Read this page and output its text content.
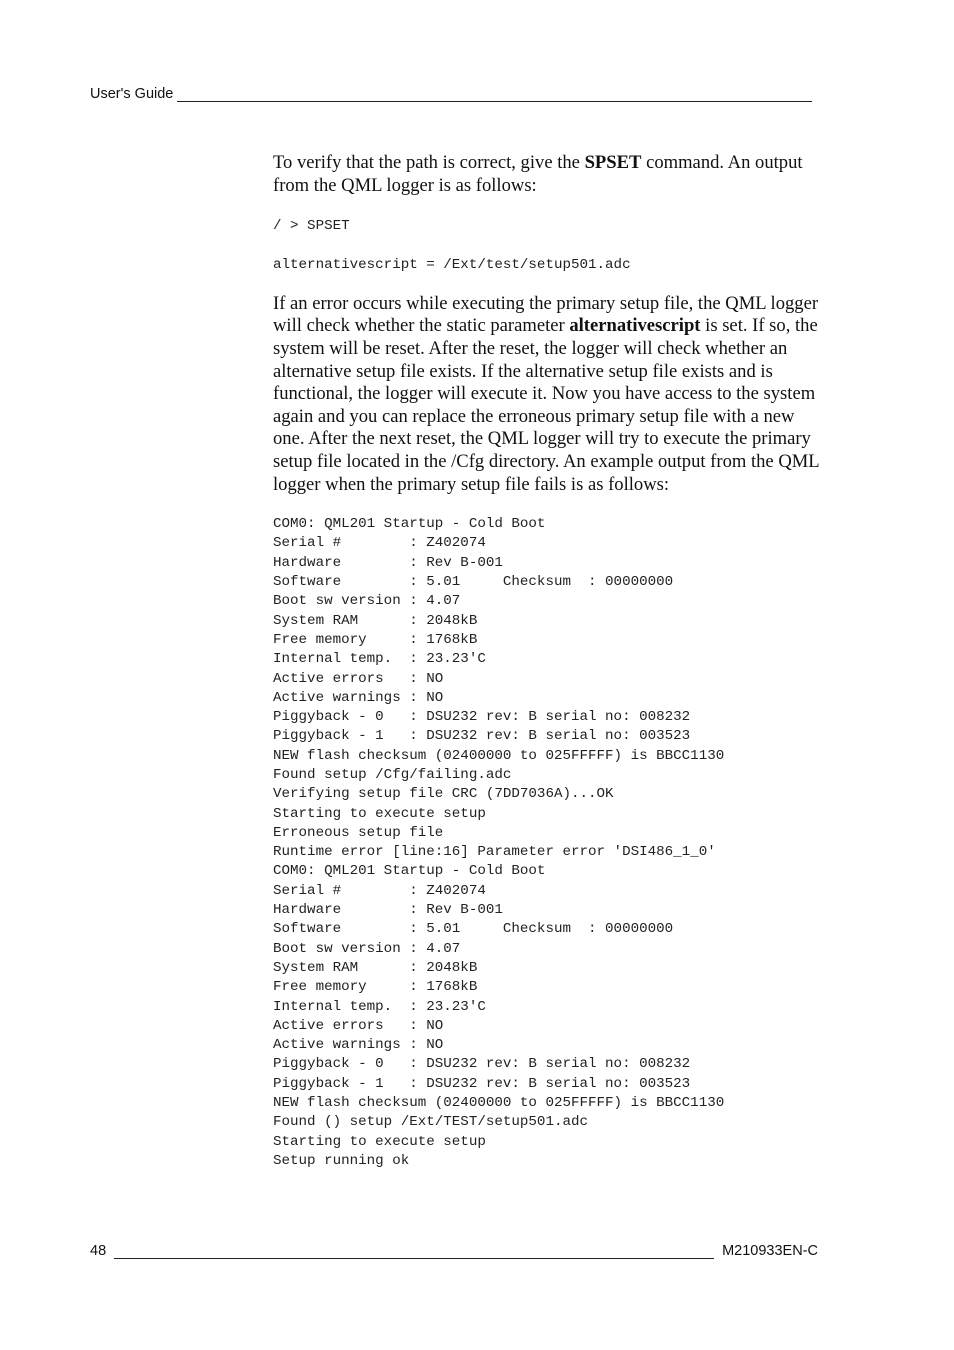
User's Guide

To verify that the path is correct, give the SPSET command. An output from the QML logger is as follows:

/ > SPSET
alternativescript = /Ext/test/setup501.adc

If an error occurs while executing the primary setup file, the QML logger will check whether the static parameter alternativescript is set. If so, the system will be reset. After the reset, the logger will check whether an alternative setup file exists. If the alternative setup file exists and is functional, the logger will execute it. Now you have access to the system again and you can replace the erroneous primary setup file with a new one. After the next reset, the QML logger will try to execute the primary setup file located in the /Cfg directory. An example output from the QML logger when the primary setup file fails is as follows:

COM0: QML201 Startup - Cold Boot
Serial #        : Z402074
Hardware        : Rev B-001
Software        : 5.01     Checksum  : 00000000
Boot sw version : 4.07
System RAM      : 2048kB
Free memory     : 1768kB
Internal temp.  : 23.23'C
Active errors   : NO
Active warnings : NO
Piggyback - 0   : DSU232 rev: B serial no: 008232
Piggyback - 1   : DSU232 rev: B serial no: 003523
NEW flash checksum (02400000 to 025FFFFF) is BBCC1130
Found setup /Cfg/failing.adc
Verifying setup file CRC (7DD7036A)...OK
Starting to execute setup
Erroneous setup file
Runtime error [line:16] Parameter error 'DSI486_1_0'
COM0: QML201 Startup - Cold Boot
Serial #        : Z402074
Hardware        : Rev B-001
Software        : 5.01     Checksum  : 00000000
Boot sw version : 4.07
System RAM      : 2048kB
Free memory     : 1768kB
Internal temp.  : 23.23'C
Active errors   : NO
Active warnings : NO
Piggyback - 0   : DSU232 rev: B serial no: 008232
Piggyback - 1   : DSU232 rev: B serial no: 003523
NEW flash checksum (02400000 to 025FFFFF) is BBCC1130
Found () setup /Ext/TEST/setup501.adc
Starting to execute setup
Setup running ok
48	M210933EN-C
